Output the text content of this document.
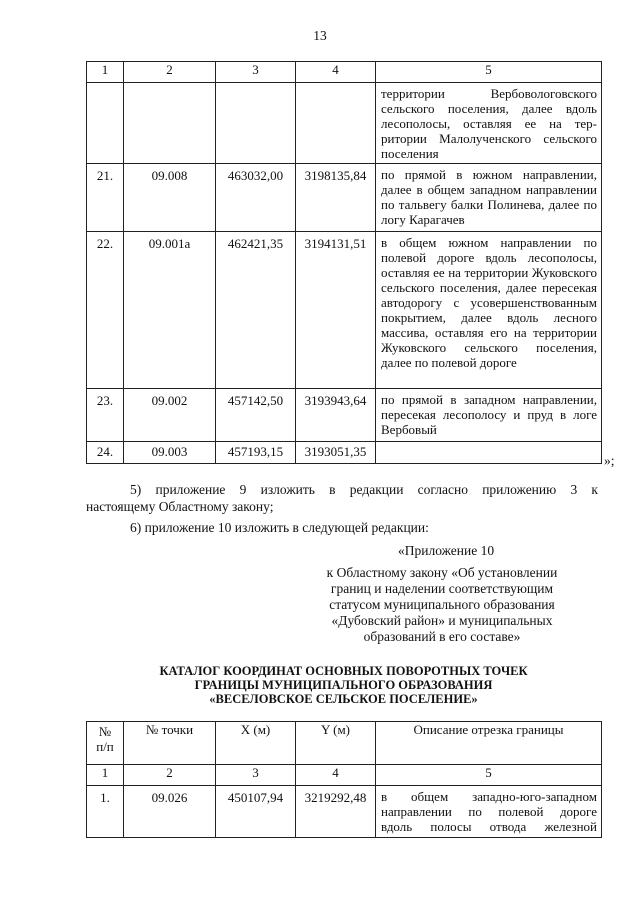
13
1	2	3	4	5
				территории Вербовологовского сельского поселения, далее вдоль лесополосы, оставляя ее на территории Малолученского сельского поселения
21.	09.008	463032,00	3198135,84	по прямой в южном направлении, далее в общем западном направлении по тальвегу балки Полинева, далее по логу Карагачев
22.	09.001а	462421,35	3194131,51	в общем южном направлении по полевой дороге вдоль лесополосы, оставляя ее на территории Жуковского сельского поселения, далее пересекая автодорогу с усовершенствованным покрытием, далее вдоль лесного массива, оставляя его на территории Жуковского сельского поселения, далее по полевой дороге
23.	09.002	457142,50	3193943,64	по прямой в западном направлении, пересекая лесополосу и пруд в логе Вербовый
24.	09.003	457193,15	3193051,35	
»;
5) приложение 9 изложить в редакции согласно приложению 3 к
настоящему Областному закону;
6) приложение 10 изложить в следующей редакции:
«Приложение 10
к Областному закону «Об установлении
границ и наделении соответствующим
статусом муниципального образования
«Дубовский район» и муниципальных
образований в его составе»
КАТАЛОГ КООРДИНАТ ОСНОВНЫХ ПОВОРОТНЫХ ТОЧЕК
ГРАНИЦЫ МУНИЦИПАЛЬНОГО ОБРАЗОВАНИЯ
«ВЕСЕЛОВСКОЕ СЕЛЬСКОЕ ПОСЕЛЕНИЕ»
№ п/п	№ точки	X (м)	Y (м)	Описание отрезка границы
1	2	3	4	5
1.	09.026	450107,94	3219292,48	в общем западно-юго-западном
направлении по полевой дороге
вдоль полосы отвода железной
